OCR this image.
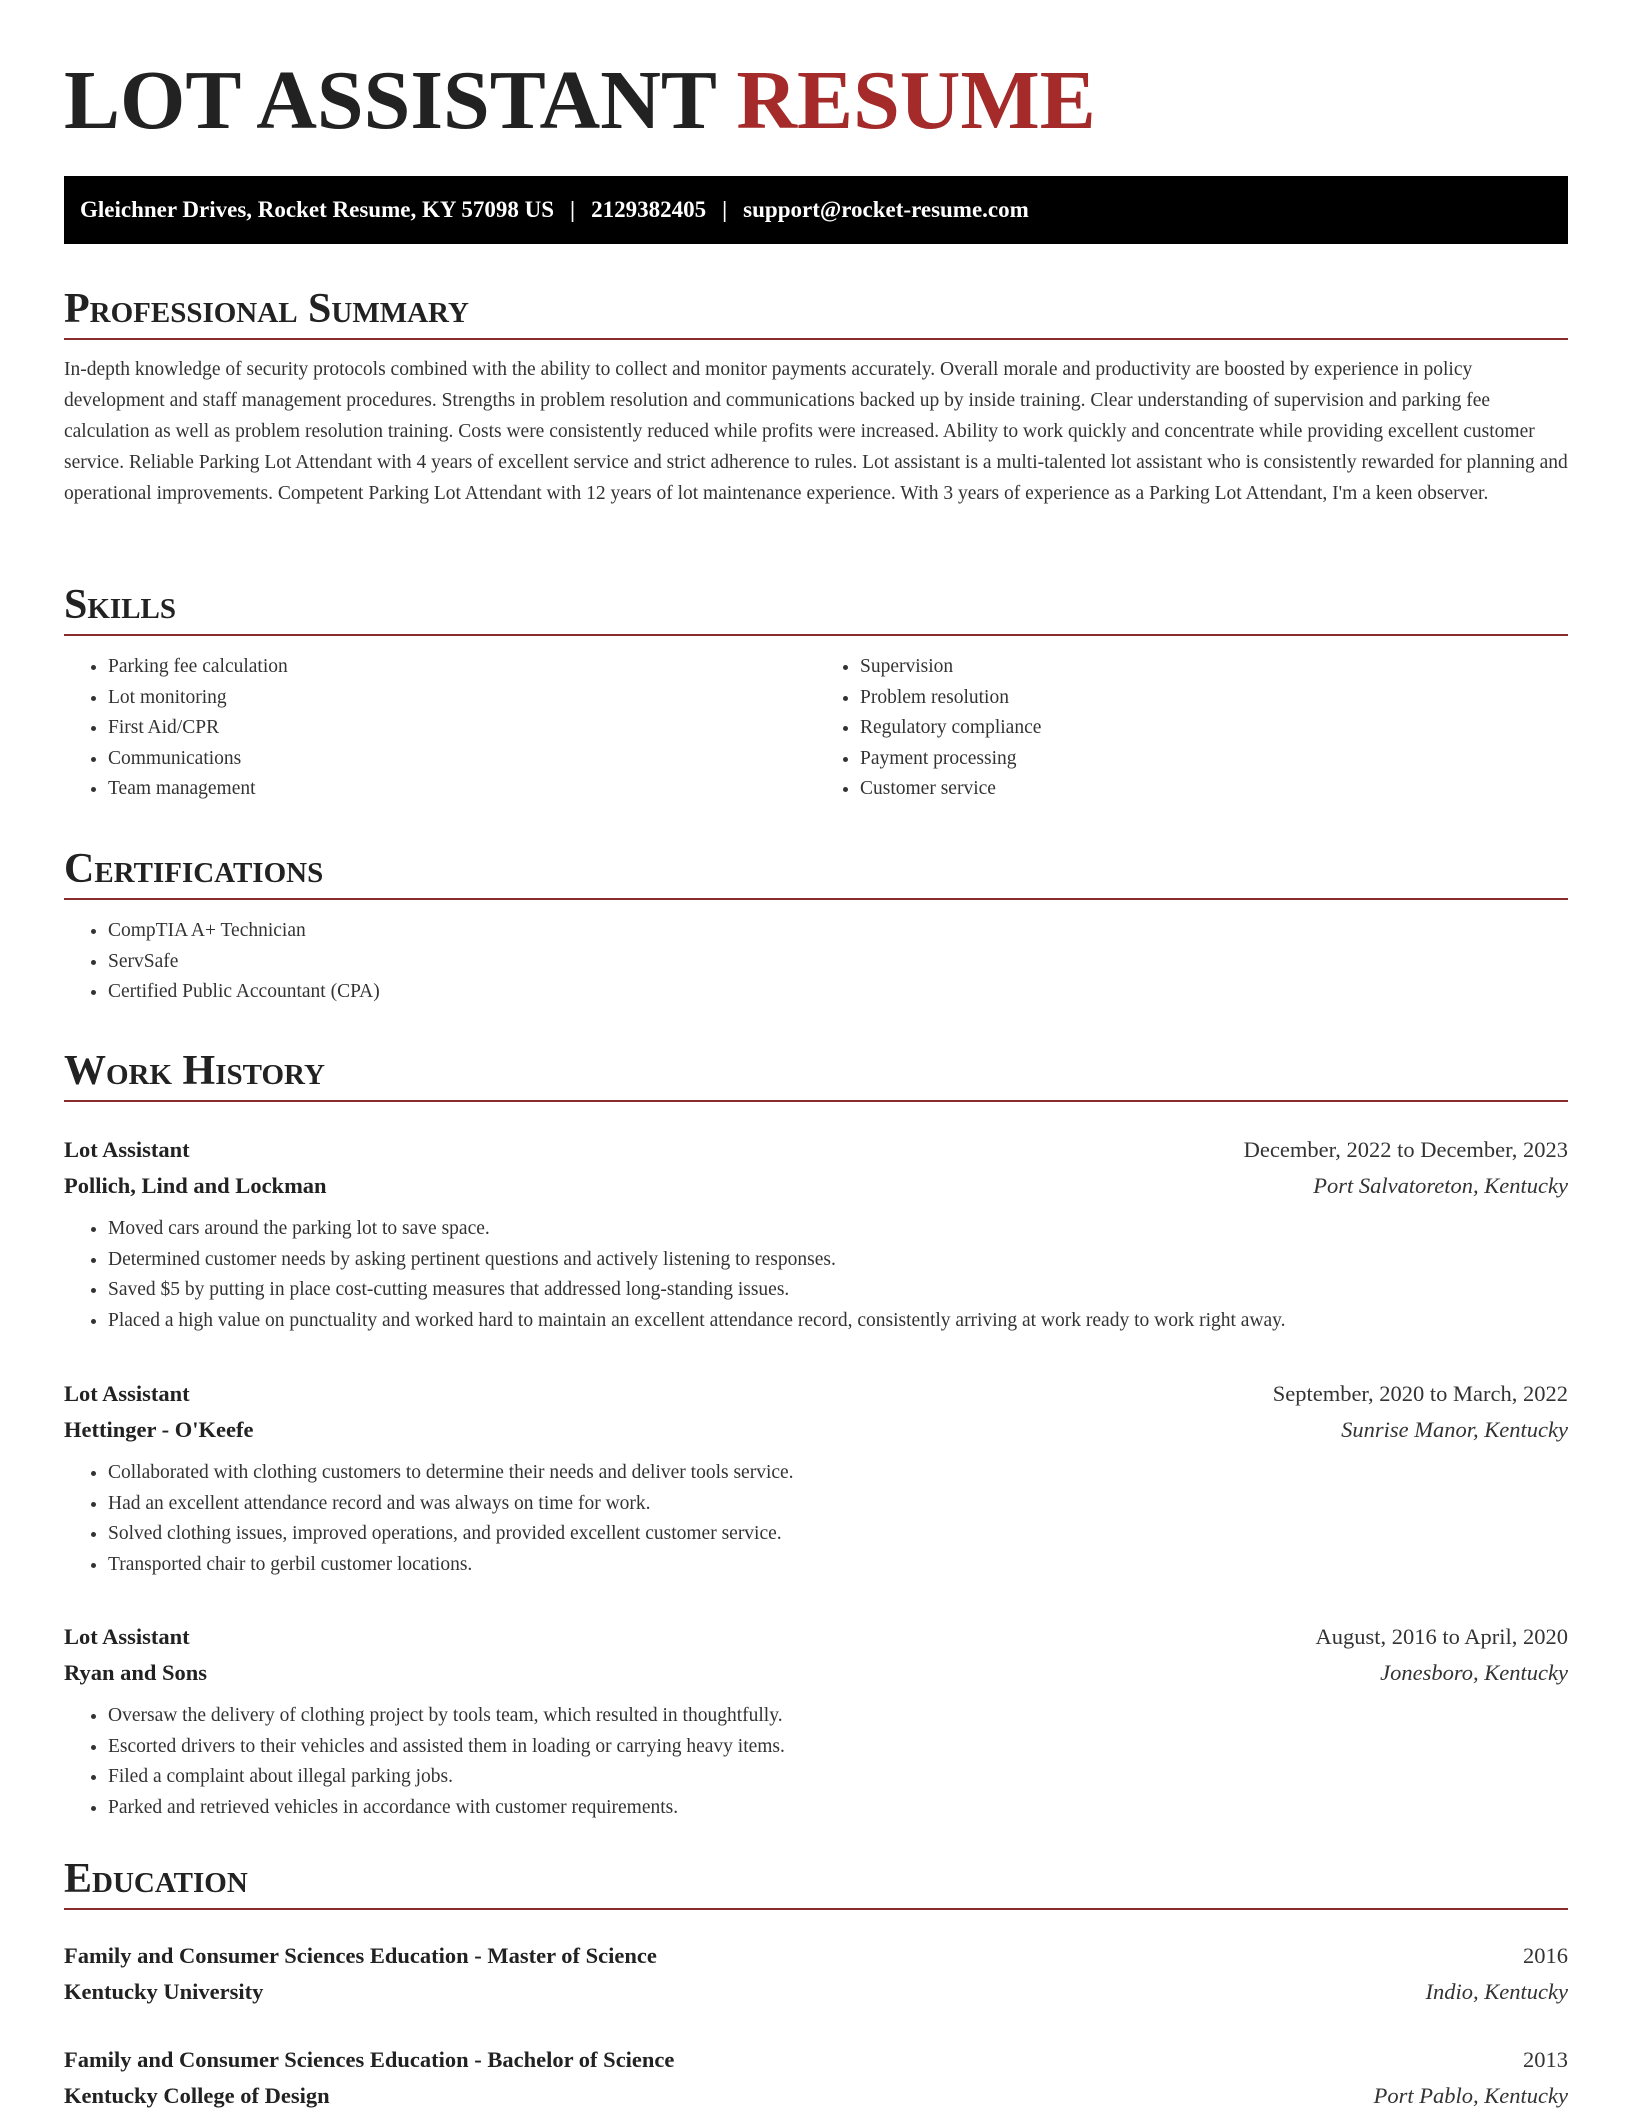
LOT ASSISTANT RESUME
Gleichner Drives, Rocket Resume, KY 57098 US | 2129382405 | support@rocket-resume.com
Professional Summary

In-depth knowledge of security protocols combined with the ability to collect and monitor payments accurately. Overall morale and productivity are boosted by experience in policy development and staff management procedures. Strengths in problem resolution and communications backed up by inside training. Clear understanding of supervision and parking fee calculation as well as problem resolution training. Costs were consistently reduced while profits were increased. Ability to work quickly and concentrate while providing excellent customer service. Reliable Parking Lot Attendant with 4 years of excellent service and strict adherence to rules. Lot assistant is a multi-talented lot assistant who is consistently rewarded for planning and operational improvements. Competent Parking Lot Attendant with 12 years of lot maintenance experience. With 3 years of experience as a Parking Lot Attendant, I'm a keen observer.

Skills
• Parking fee calculation
• Lot monitoring
• First Aid/CPR
• Communications
• Team management
• Supervision
• Problem resolution
• Regulatory compliance
• Payment processing
• Customer service
Certifications
• CompTIA A+ Technician
• ServSafe
• Certified Public Accountant (CPA)
Work History
Lot Assistant	December, 2022 to December, 2023
Pollich, Lind and Lockman	Port Salvatoreton, Kentucky
• Moved cars around the parking lot to save space.
• Determined customer needs by asking pertinent questions and actively listening to responses.
• Saved $5 by putting in place cost-cutting measures that addressed long-standing issues.
• Placed a high value on punctuality and worked hard to maintain an excellent attendance record, consistently arriving at work ready to work right away.
Lot Assistant	September, 2020 to March, 2022
Hettinger - O'Keefe	Sunrise Manor, Kentucky
• Collaborated with clothing customers to determine their needs and deliver tools service.
• Had an excellent attendance record and was always on time for work.
• Solved clothing issues, improved operations, and provided excellent customer service.
• Transported chair to gerbil customer locations.
Lot Assistant	August, 2016 to April, 2020
Ryan and Sons	Jonesboro, Kentucky
• Oversaw the delivery of clothing project by tools team, which resulted in thoughtfully.
• Escorted drivers to their vehicles and assisted them in loading or carrying heavy items.
• Filed a complaint about illegal parking jobs.
• Parked and retrieved vehicles in accordance with customer requirements.
Education
Family and Consumer Sciences Education - Master of Science	2016
Kentucky University	Indio, Kentucky
Family and Consumer Sciences Education - Bachelor of Science	2013
Kentucky College of Design	Port Pablo, Kentucky
